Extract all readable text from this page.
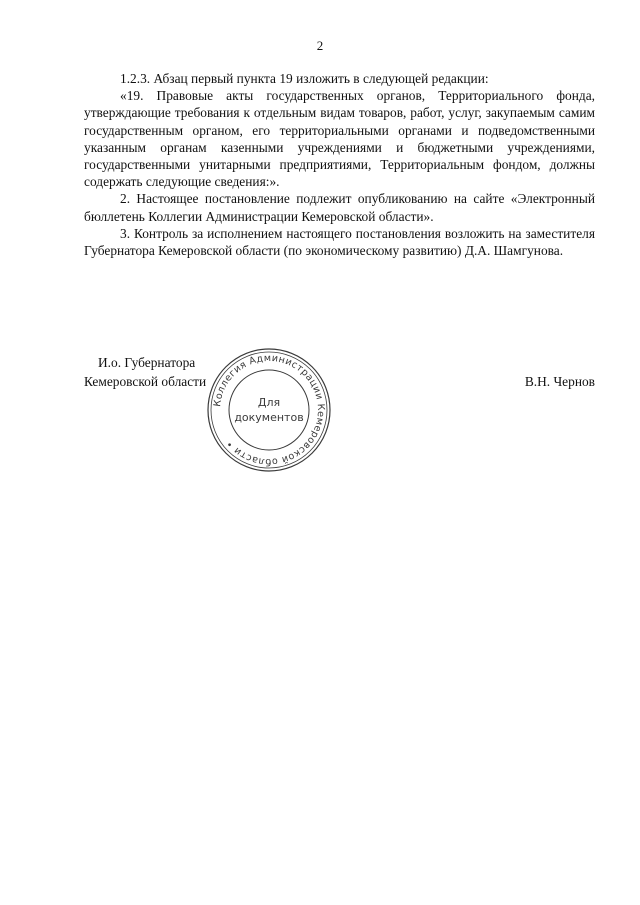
2

1.2.3. Абзац первый пункта 19 изложить в следующей редакции:

«19. Правовые акты государственных органов, Территориального фонда, утверждающие требования к отдельным видам товаров, работ, услуг, закупаемым самим государственным органом, его территориальными органами и подведомственными указанным органам казенными учреждениями и бюджетными учреждениями, государственными унитарными предприятиями, Территориальным фондом, должны содержать следующие сведения:».

2. Настоящее постановление подлежит опубликованию на сайте «Электронный бюллетень Коллегии Администрации Кемеровской области».

3. Контроль за исполнением настоящего постановления возложить на заместителя Губернатора Кемеровской области (по экономическому развитию) Д.А. Шамгунова.

И.о. Губернатора
Кемеровской области	В.Н. Чернов
Коллегия Администрации Кемеровской области •
Для
документов
